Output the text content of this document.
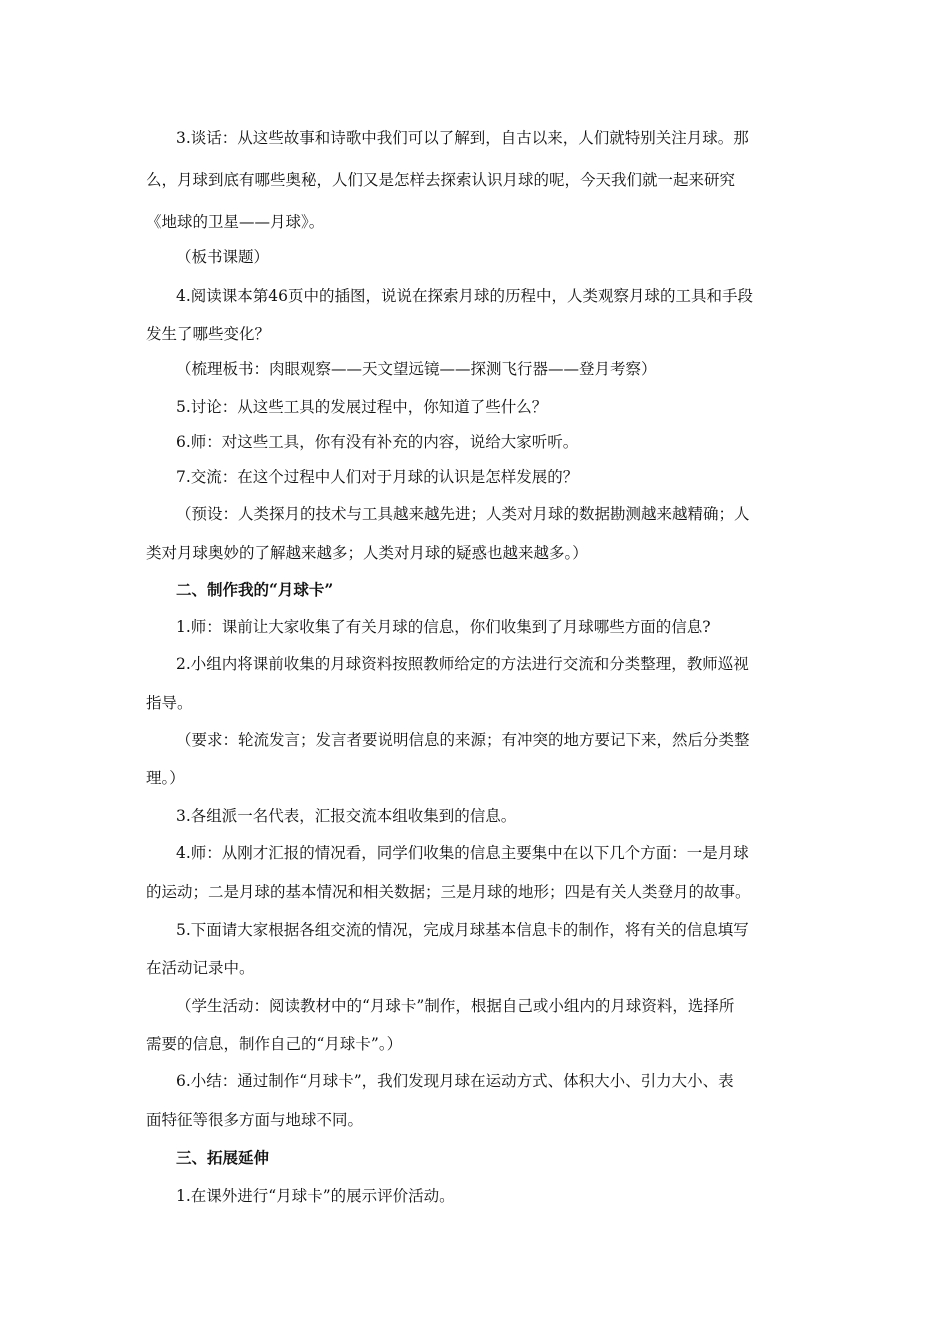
3.谈话：从这些故事和诗歌中我们可以了解到，自古以来，人们就特别关注月球。那
么，月球到底有哪些奥秘，人们又是怎样去探索认识月球的呢，今天我们就一起来研究
《地球的卫星——月球》。
（板书课题）
4.阅读课本第46页中的插图，说说在探索月球的历程中，人类观察月球的工具和手段
发生了哪些变化？
（梳理板书：肉眼观察——天文望远镜——探测飞行器——登月考察）
5.讨论：从这些工具的发展过程中，你知道了些什么？
6.师：对这些工具，你有没有补充的内容，说给大家听听。
7.交流：在这个过程中人们对于月球的认识是怎样发展的？
（预设：人类探月的技术与工具越来越先进；人类对月球的数据勘测越来越精确；人
类对月球奥妙的了解越来越多；人类对月球的疑惑也越来越多。）
二、制作我的“月球卡”
1.师：课前让大家收集了有关月球的信息，你们收集到了月球哪些方面的信息?
2.小组内将课前收集的月球资料按照教师给定的方法进行交流和分类整理，教师巡视
指导。
（要求：轮流发言；发言者要说明信息的来源；有冲突的地方要记下来，然后分类整
理。）
3.各组派一名代表，汇报交流本组收集到的信息。
4.师：从刚才汇报的情况看，同学们收集的信息主要集中在以下几个方面：一是月球
的运动；二是月球的基本情况和相关数据；三是月球的地形；四是有关人类登月的故事。
5.下面请大家根据各组交流的情况，完成月球基本信息卡的制作，将有关的信息填写
在活动记录中。
（学生活动：阅读教材中的“月球卡”制作，根据自己或小组内的月球资料，选择所
需要的信息，制作自己的“月球卡”。）
6.小结：通过制作“月球卡”，我们发现月球在运动方式、体积大小、引力大小、表
面特征等很多方面与地球不同。
三、拓展延伸
1.在课外进行“月球卡”的展示评价活动。
